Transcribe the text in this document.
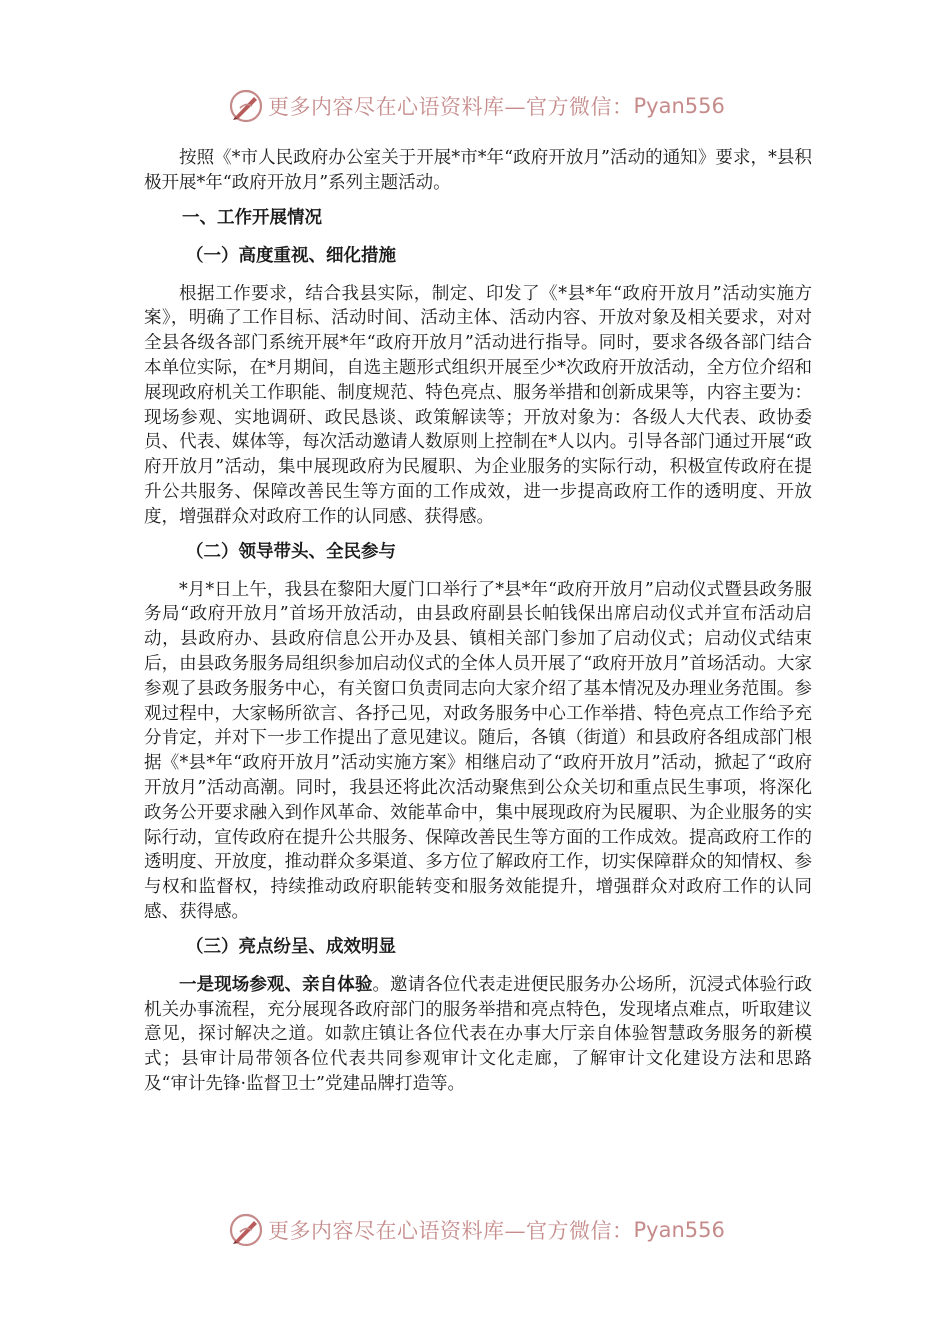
更多内容尽在心语资料库—官方微信： Pyan556

按照《*市人民政府办公室关于开展*市*年“政府开放月”活动的通知》要求，*县积极开展*年“政府开放月”系列主题活动。

一、工作开展情况
（一）高度重视、细化措施

根据工作要求，结合我县实际，制定、印发了《*县*年“政府开放月”活动实施方案》，明确了工作目标、活动时间、活动主体、活动内容、开放对象及相关要求，对对全县各级各部门系统开展*年“政府开放月”活动进行指导。同时，要求各级各部门结合本单位实际，在*月期间，自选主题形式组织开展至少*次政府开放活动，全方位介绍和展现政府机关工作职能、制度规范、特色亮点、服务举措和创新成果等，内容主要为：现场参观、实地调研、政民恳谈、政策解读等；开放对象为：各级人大代表、政协委员、代表、媒体等，每次活动邀请人数原则上控制在*人以内。引导各部门通过开展“政府开放月”活动，集中展现政府为民履职、为企业服务的实际行动，积极宣传政府在提升公共服务、保障改善民生等方面的工作成效，进一步提高政府工作的透明度、开放度，增强群众对政府工作的认同感、获得感。

（二）领导带头、全民参与

*月*日上午，我县在黎阳大厦门口举行了*县*年“政府开放月”启动仪式暨县政务服务局“政府开放月”首场开放活动，由县政府副县长帕钱保出席启动仪式并宣布活动启动，县政府办、县政府信息公开办及县、镇相关部门参加了启动仪式；启动仪式结束后，由县政务服务局组织参加启动仪式的全体人员开展了“政府开放月”首场活动。大家参观了县政务服务中心，有关窗口负责同志向大家介绍了基本情况及办理业务范围。参观过程中，大家畅所欲言、各抒己见，对政务服务中心工作举措、特色亮点工作给予充分肯定，并对下一步工作提出了意见建议。随后，各镇（街道）和县政府各组成部门根据《*县*年“政府开放月”活动实施方案》相继启动了“政府开放月”活动，掀起了“政府开放月”活动高潮。同时，我县还将此次活动聚焦到公众关切和重点民生事项，将深化政务公开要求融入到作风革命、效能革命中，集中展现政府为民履职、为企业服务的实际行动，宣传政府在提升公共服务、保障改善民生等方面的工作成效。提高政府工作的透明度、开放度，推动群众多渠道、多方位了解政府工作，切实保障群众的知情权、参与权和监督权，持续推动政府职能转变和服务效能提升，增强群众对政府工作的认同感、获得感。

（三）亮点纷呈、成效明显

一是现场参观、亲自体验。邀请各位代表走进便民服务办公场所，沉浸式体验行政机关办事流程，充分展现各政府部门的服务举措和亮点特色，发现堵点难点，听取建议意见，探讨解决之道。如款庄镇让各位代表在办事大厅亲自体验智慧政务服务的新模式；县审计局带领各位代表共同参观审计文化走廊，了解审计文化建设方法和思路及“审计先锋·监督卫士”党建品牌打造等。

更多内容尽在心语资料库—官方微信： Pyan556
